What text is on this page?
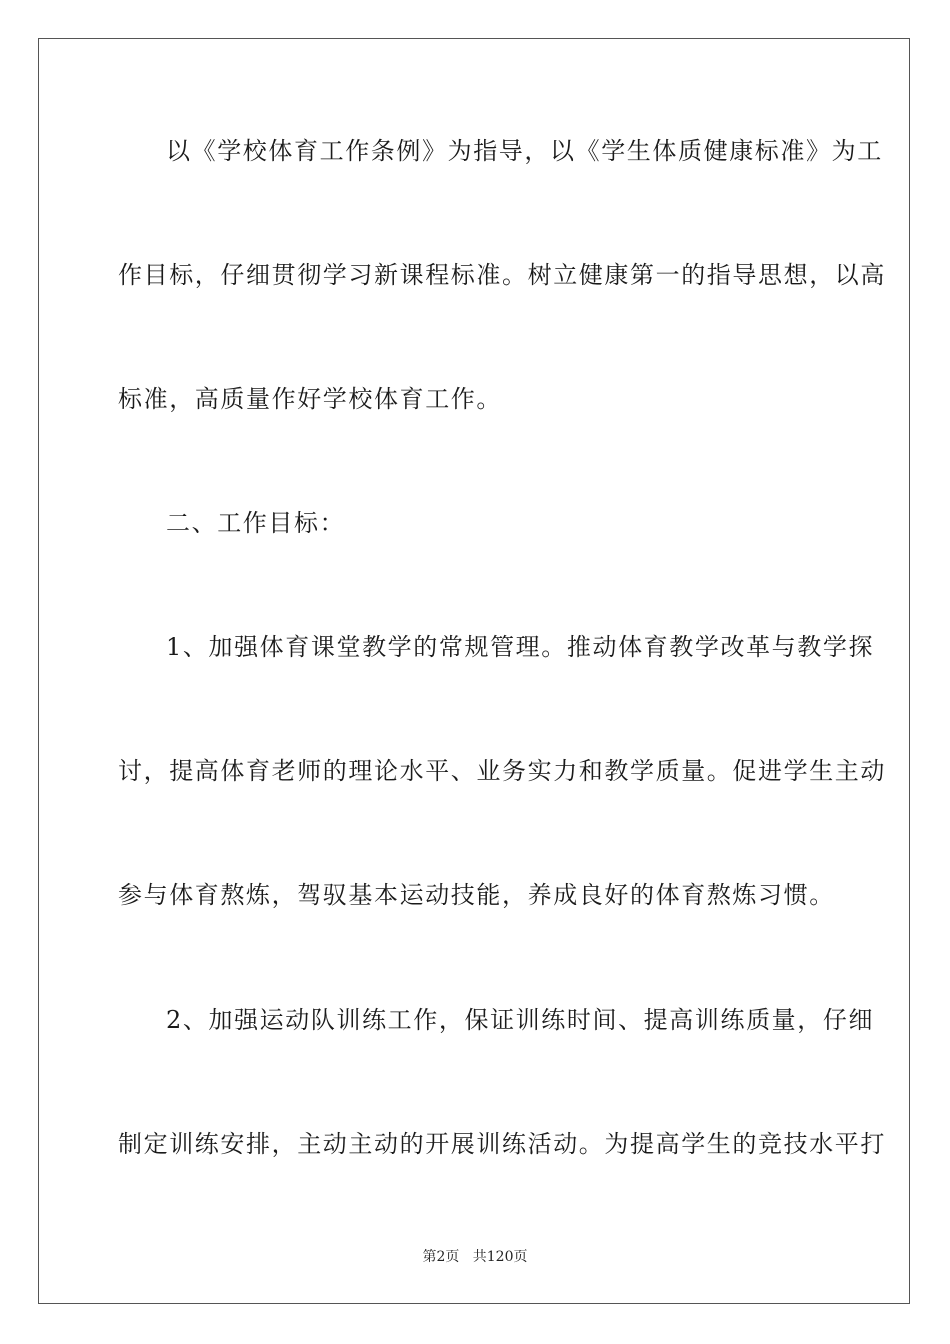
以《学校体育工作条例》为指导，以《学生体质健康标准》为工
作目标，仔细贯彻学习新课程标准。树立健康第一的指导思想，以高
标准，高质量作好学校体育工作。
二、工作目标：
1、加强体育课堂教学的常规管理。推动体育教学改革与教学探
讨，提高体育老师的理论水平、业务实力和教学质量。促进学生主动
参与体育熬炼，驾驭基本运动技能，养成良好的体育熬炼习惯。
2、加强运动队训练工作，保证训练时间、提高训练质量，仔细
制定训练安排，主动主动的开展训练活动。为提高学生的竞技水平打
第2页 共120页
